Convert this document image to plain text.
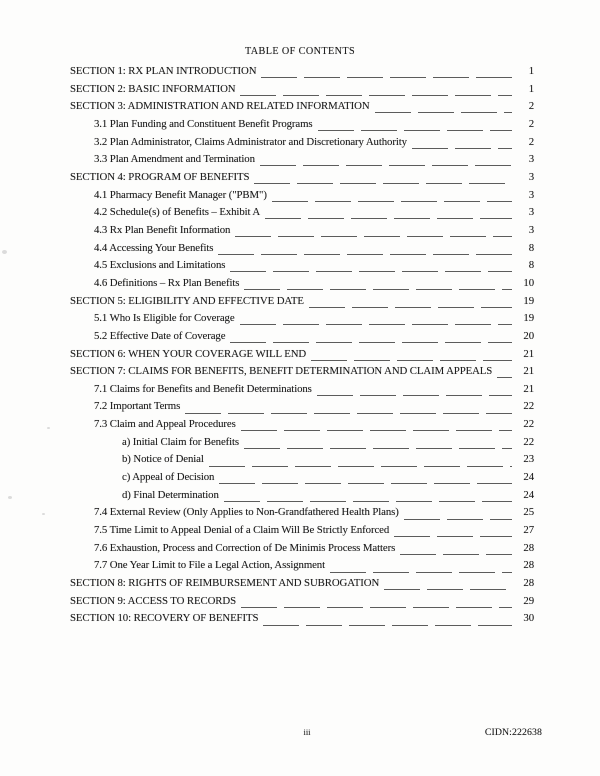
TABLE OF CONTENTS
SECTION 1: RX PLAN INTRODUCTION	1
SECTION 2: BASIC INFORMATION	1
SECTION 3: ADMINISTRATION AND RELATED INFORMATION	2
3.1 Plan Funding and Constituent Benefit Programs	2
3.2 Plan Administrator, Claims Administrator and Discretionary Authority	2
3.3 Plan Amendment and Termination	3
SECTION 4: PROGRAM OF BENEFITS	3
4.1 Pharmacy Benefit Manager ("PBM")	3
4.2 Schedule(s) of Benefits – Exhibit A	3
4.3 Rx Plan Benefit Information	3
4.4 Accessing Your Benefits	8
4.5 Exclusions and Limitations	8
4.6 Definitions – Rx Plan Benefits	10
SECTION 5: ELIGIBILITY AND EFFECTIVE DATE	19
5.1 Who Is Eligible for Coverage	19
5.2 Effective Date of Coverage	20
SECTION 6: WHEN YOUR COVERAGE WILL END	21
SECTION 7: CLAIMS FOR BENEFITS, BENEFIT DETERMINATION AND CLAIM APPEALS	21
7.1 Claims for Benefits and Benefit Determinations	21
7.2 Important Terms	22
7.3 Claim and Appeal Procedures	22
a) Initial Claim for Benefits	22
b) Notice of Denial	23
c) Appeal of Decision	24
d) Final Determination	24
7.4 External Review (Only Applies to Non-Grandfathered Health Plans)	25
7.5 Time Limit to Appeal Denial of a Claim Will Be Strictly Enforced	27
7.6 Exhaustion, Process and Correction of De Minimis Process Matters	28
7.7 One Year Limit to File a Legal Action, Assignment	28
SECTION 8: RIGHTS OF REIMBURSEMENT AND SUBROGATION	28
SECTION 9: ACCESS TO RECORDS	29
SECTION 10: RECOVERY OF BENEFITS	30
iii	CIDN:222638
